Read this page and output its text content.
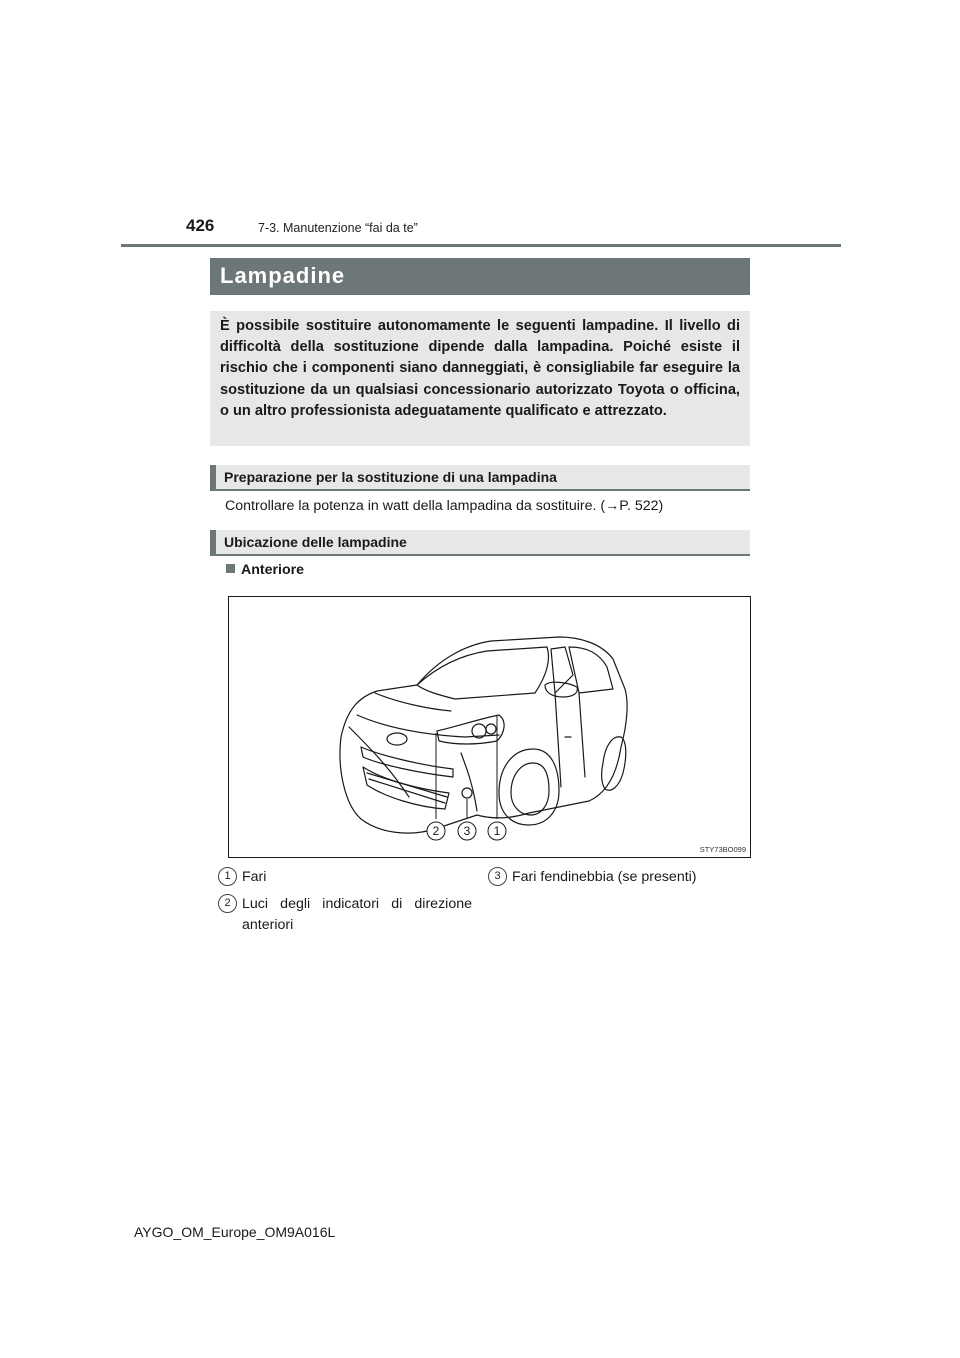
426	7-3. Manutenzione “fai da te”
Lampadine
È possibile sostituire autonomamente le seguenti lampadine. Il livello di difficoltà della sostituzione dipende dalla lampadina. Poiché esiste il rischio che i componenti siano danneggiati, è consigliabile far eseguire la sostituzione da un qualsiasi concessionario autorizzato Toyota o officina, o un altro professionista adeguatamente qualificato e attrezzato.
Preparazione per la sostituzione di una lampadina
Controllare la potenza in watt della lampadina da sostituire. (→P. 522)
Ubicazione delle lampadine
Anteriore
2 3 1
STY73BO099
1 Fari
2 Luci degli indicatori di direzione anteriori
3 Fari fendinebbia (se presenti)
AYGO_OM_Europe_OM9A016L
